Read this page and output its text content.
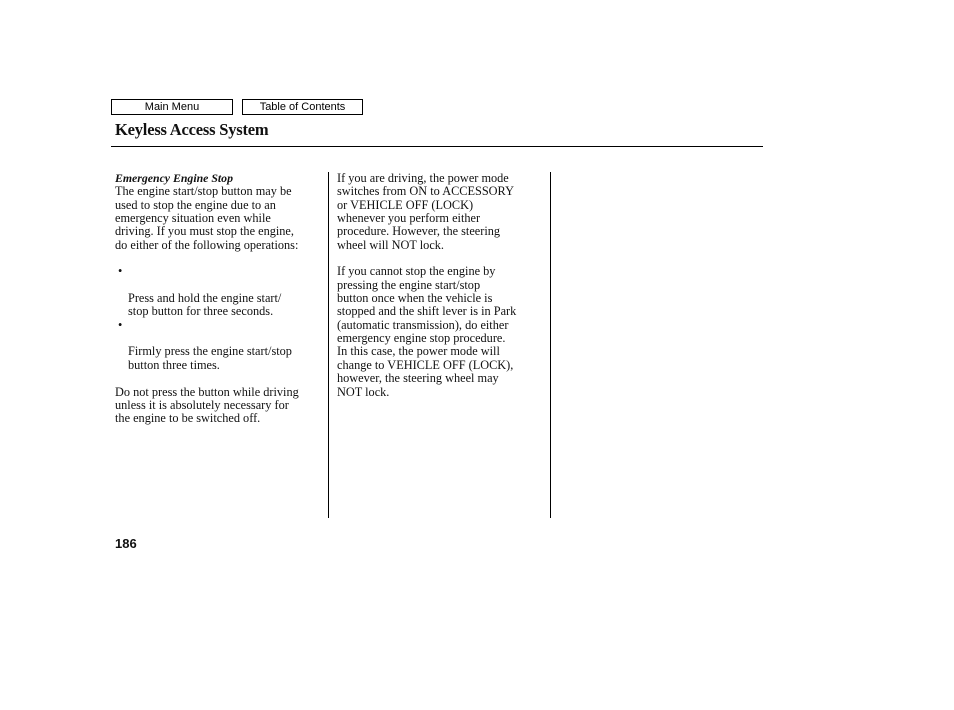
Main Menu	Table of Contents
Keyless Access System

Emergency Engine Stop

The engine start/stop button may be
used to stop the engine due to an
emergency situation even while
driving. If you must stop the engine,
do either of the following operations:

•

Press and hold the engine start/
stop button for three seconds.

•

Firmly press the engine start/stop
button three times.

Do not press the button while driving
unless it is absolutely necessary for
the engine to be switched off.

If you are driving, the power mode
switches from ON to ACCESSORY
or VEHICLE OFF (LOCK)
whenever you perform either
procedure. However, the steering
wheel will NOT lock.

If you cannot stop the engine by
pressing the engine start/stop
button once when the vehicle is
stopped and the shift lever is in Park
(automatic transmission), do either
emergency engine stop procedure.
In this case, the power mode will
change to VEHICLE OFF (LOCK),
however, the steering wheel may
NOT lock.

186
